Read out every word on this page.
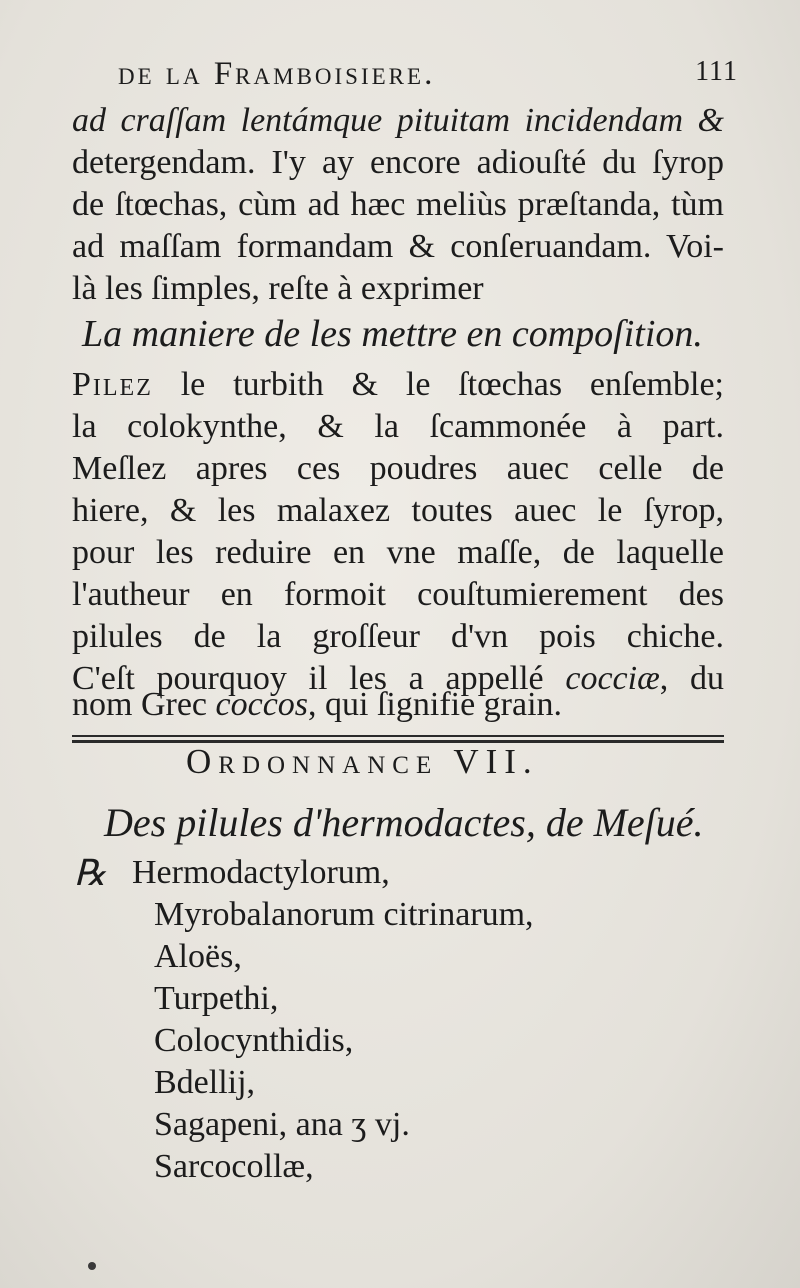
de la Framboisiere.	111
ad craſſam lentámque pituitam incidendam &
detergendam. I'y ay encore adiouſté du ſyrop
de ſtœchas, cùm ad hæc meliùs præſtanda, tùm
ad maſſam formandam & conſeruandam. Voi-
là les ſimples, reſte à exprimer
La maniere de les mettre en compoſition.
Pilez le turbith & le ſtœchas enſemble;
la colokynthe, & la ſcammonée à part.
Meſlez apres ces poudres auec celle de
hiere, & les malaxez toutes auec le ſyrop,
pour les reduire en vne maſſe, de laquelle
l'autheur en formoit couſtumierement des
pilules de la groſſeur d'vn pois chiche.
C'eſt pourquoy il les a appellé cocciæ, du
nom Grec coccos, qui ſignifie grain.
Ordonnance VII.
Des pilules d'hermodactes, de Meſué.
℞ Hermodactylorum,
Myrobalanorum citrinarum,
Aloës,
Turpethi,
Colocynthidis,
Bdellij,
Sagapeni, ana ʒ vj.
Sarcocollæ,
